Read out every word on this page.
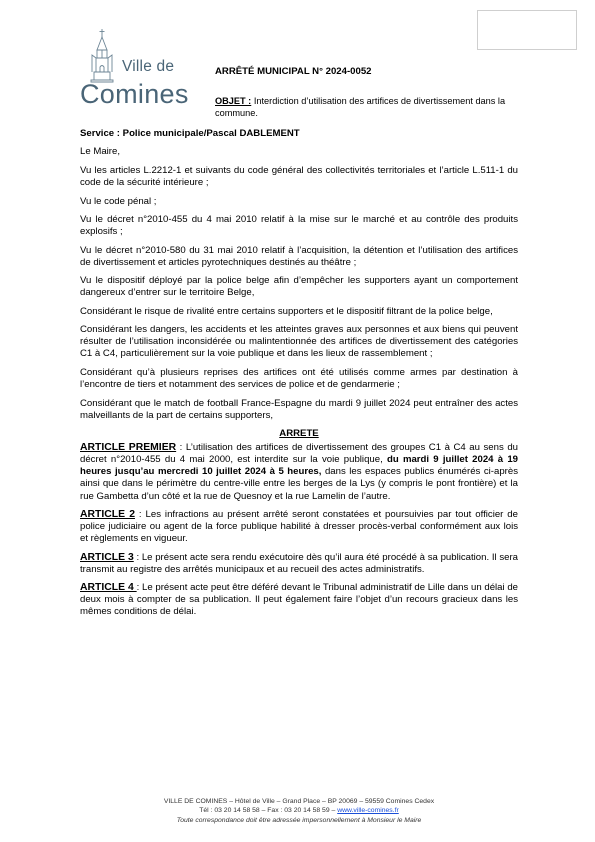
Ville de
Comines
ARRÊTÉ MUNICIPAL N° 2024-0052
OBJET : Interdiction d’utilisation des artifices de divertissement dans la commune.

Service : Police municipale/Pascal DABLEMENT

Le Maire,

Vu les articles L.2212-1 et suivants du code général des collectivités territoriales et l’article L.511-1 du code de la sécurité intérieure ;

Vu le code pénal ;

Vu le décret n°2010-455 du 4 mai 2010 relatif à la mise sur le marché et au contrôle des produits explosifs ;

Vu le décret n°2010-580 du 31 mai 2010 relatif à l’acquisition, la détention et l’utilisation des artifices de divertissement et articles pyrotechniques destinés au théâtre ;

Vu le dispositif déployé par la police belge afin d’empêcher les supporters ayant un comportement dangereux d’entrer sur le territoire Belge,

Considérant le risque de rivalité entre certains supporters et le dispositif filtrant de la police belge,

Considérant les dangers, les accidents et les atteintes graves aux personnes et aux biens qui peuvent résulter de l’utilisation inconsidérée ou malintentionnée des artifices de divertissement des catégories C1 à C4, particulièrement sur la voie publique et dans les lieux de rassemblement ;

Considérant qu’à plusieurs reprises des artifices ont été utilisés comme armes par destination à l’encontre de tiers et notamment des services de police et de gendarmerie ;

Considérant que le match de football France-Espagne du mardi 9 juillet 2024 peut entraîner des actes malveillants de la part de certains supporters,

ARRETE

ARTICLE PREMIER : L’utilisation des artifices de divertissement des groupes C1 à C4 au sens du décret n°2010-455 du 4 mai 2000, est interdite sur la voie publique, du mardi 9 juillet 2024 à 19 heures jusqu’au mercredi 10 juillet 2024 à 5 heures, dans les espaces publics énumérés ci-après ainsi que dans le périmètre du centre-ville entre les berges de la Lys (y compris le pont frontière) et la rue Gambetta d’un côté et la rue de Quesnoy et la rue Lamelin de l’autre.

ARTICLE 2 : Les infractions au présent arrêté seront constatées et poursuivies par tout officier de police judiciaire ou agent de la force publique habilité à dresser procès-verbal conformément aux lois et règlements en vigueur.

ARTICLE 3 : Le présent acte sera rendu exécutoire dès qu’il aura été procédé à sa publication. Il sera transmit au registre des arrêtés municipaux et au recueil des actes administratifs.

ARTICLE 4 : Le présent acte peut être déféré devant le Tribunal administratif de Lille dans un délai de deux mois à compter de sa publication. Il peut également faire l’objet d’un recours gracieux dans les mêmes conditions de délai.

VILLE DE COMINES – Hôtel de Ville – Grand Place – BP 20069 – 59559 Comines Cedex
Tél : 03 20 14 58 58 – Fax : 03 20 14 58 59 – www.ville-comines.fr
Toute correspondance doit être adressée impersonnellement à Monsieur le Maire
